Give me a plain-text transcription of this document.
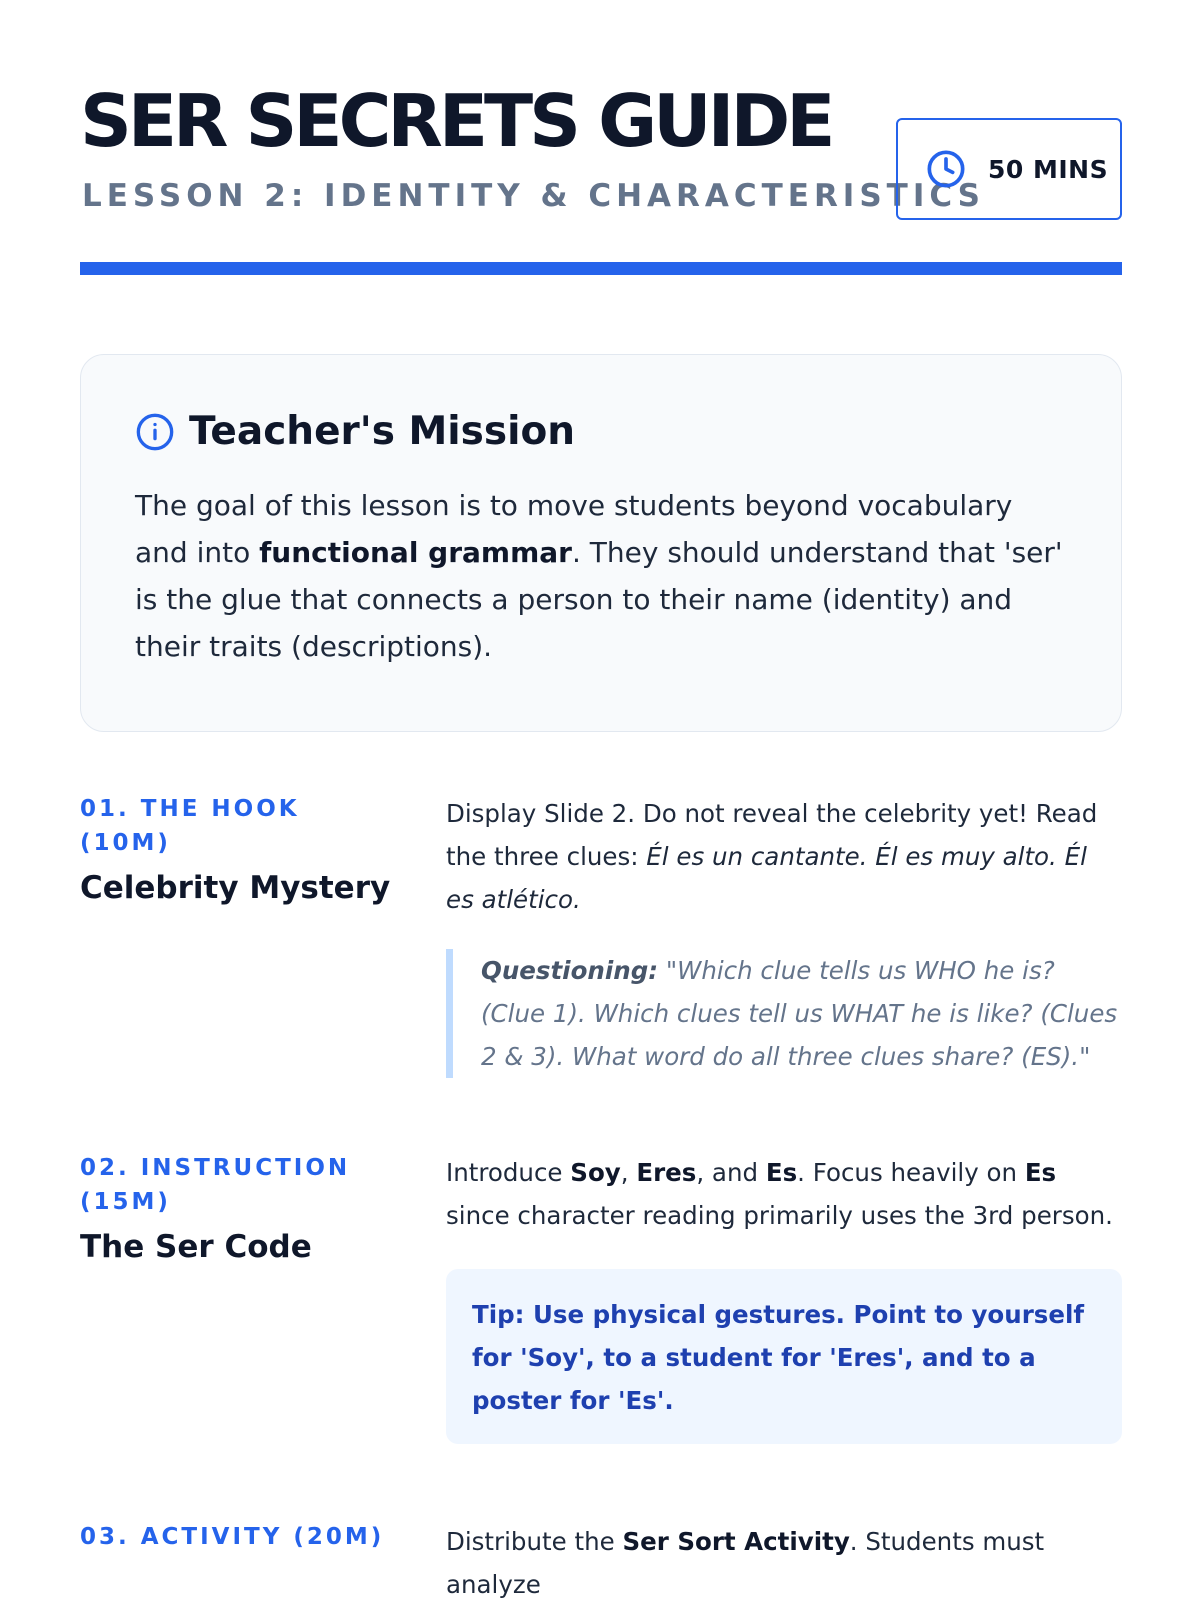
SER SECRETS GUIDE
LESSON 2: IDENTITY & CHARACTERISTICS
50 MINS
Teacher's Mission

The goal of this lesson is to move students beyond vocabulary and into functional grammar. They should understand that 'ser' is the glue that connects a person to their name (identity) and their traits (descriptions).

01. THE HOOK (10M)
Celebrity Mystery

Display Slide 2. Do not reveal the celebrity yet! Read the three clues: Él es un cantante. Él es muy alto. Él es atlético.

Questioning: "Which clue tells us WHO he is? (Clue 1). Which clues tell us WHAT he is like? (Clues 2 & 3). What word do all three clues share? (ES)."
02. INSTRUCTION (15M)
The Ser Code

Introduce Soy, Eres, and Es. Focus heavily on Es since character reading primarily uses the 3rd person.

Tip: Use physical gestures. Point to yourself for 'Soy', to a student for 'Eres', and to a poster for 'Es'.
03. ACTIVITY (20M)	Distribute the Ser Sort Activity. Students must analyze
